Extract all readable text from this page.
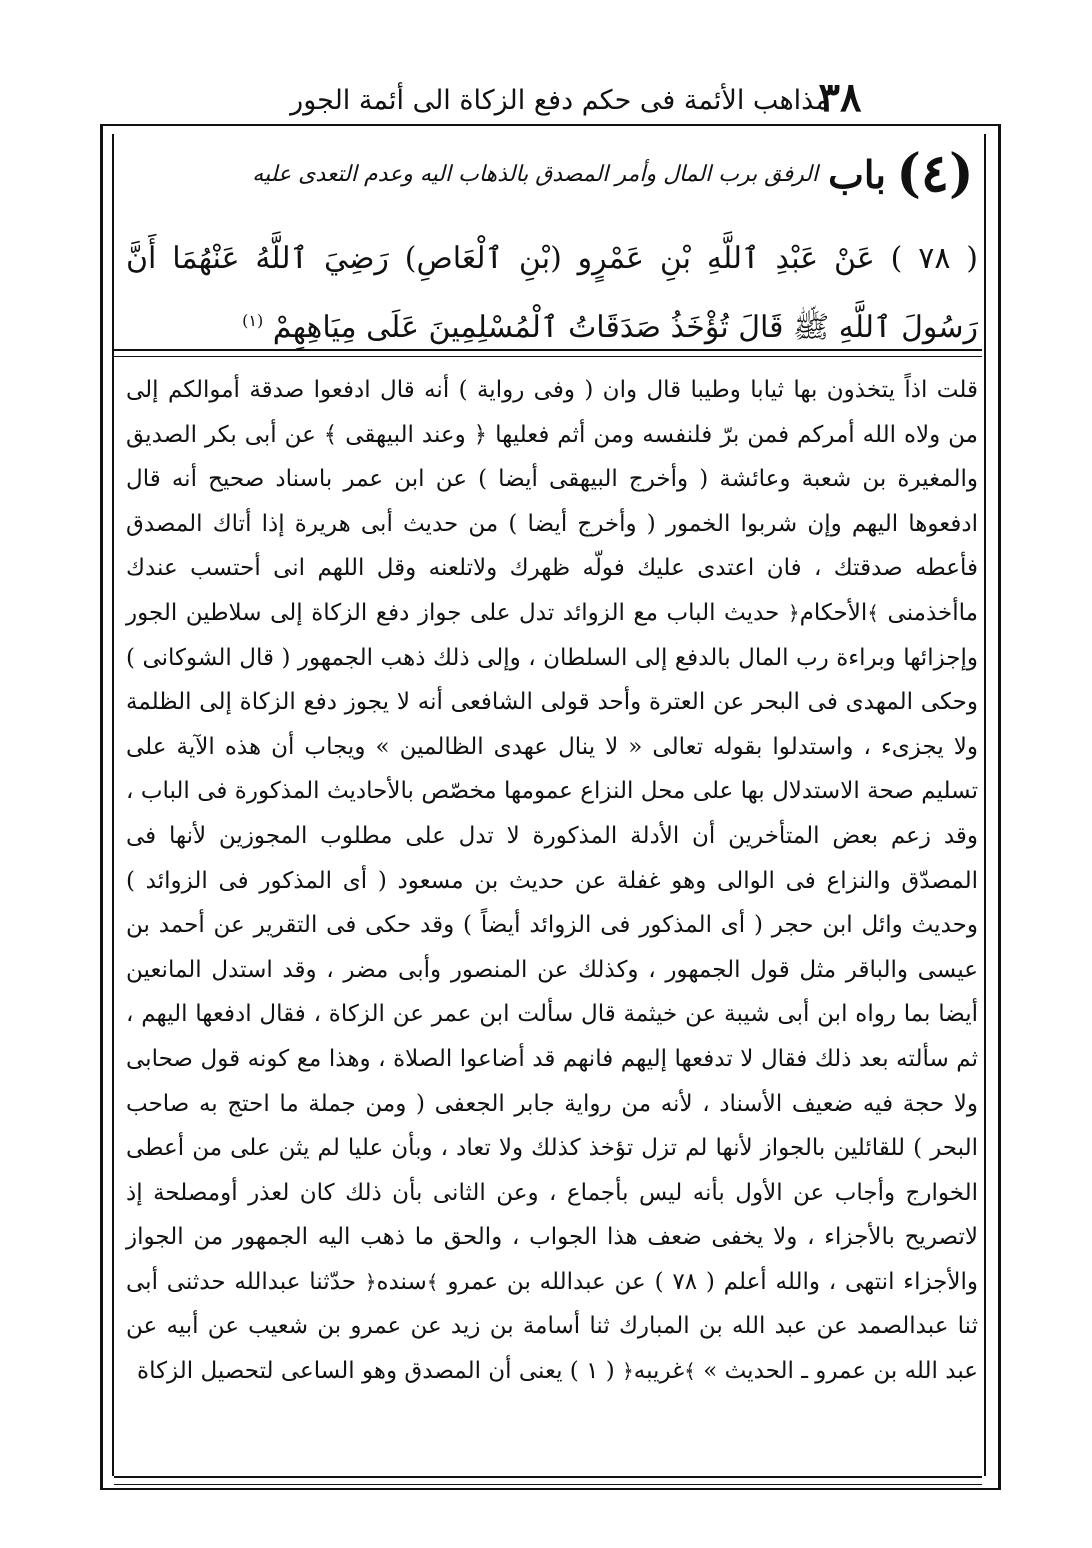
٣٨
مذاهب الأئمة فى حكم دفع الزكاة الى أئمة الجور
(٤)بابالرفق برب المال وأمر المصدق بالذهاب اليه وعدم التعدى عليه
( ٧٨ ) عَنْ عَبْدِ ٱللَّهِ بْنِ عَمْرٍو (بْنِ ٱلْعَاصِ) رَضِيَ ٱللَّهُ عَنْهُمَا أَنَّ رَسُولَ ٱللَّهِ ﷺ قَالَ تُؤْخَذُ صَدَقَاتُ ٱلْمُسْلِمِينَ عَلَى مِيَاهِهِمْ $^{(١)}$
قلت اذاً يتخذون بها ثيابا وطيبا قال وان ( وفى رواية ) أنه قال ادفعوا صدقة أموالكم إلى من ولاه الله أمركم فمن برّ فلنفسه ومن أثم فعليها ﴿ وعند البيهقى ﴾ عن أبى بكر الصديق والمغيرة بن شعبة وعائشة ( وأخرج البيهقى أيضا ) عن ابن عمر باسناد صحيح أنه قال ادفعوها اليهم وإن شربوا الخمور ( وأخرج أيضا ) من حديث أبى هريرة إذا أتاك المصدق فأعطه صدقتك ، فان اعتدى عليك فولّه ظهرك ولاتلعنه وقل اللهم انى أحتسب عندك ماأخذمنى ﴾الأحكام﴿ حديث الباب مع الزوائد تدل على جواز دفع الزكاة إلى سلاطين الجور وإجزائها وبراءة رب المال بالدفع إلى السلطان ، وإلى ذلك ذهب الجمهور ( قال الشوكانى ) وحكى المهدى فى البحر عن العترة وأحد قولى الشافعى أنه لا يجوز دفع الزكاة إلى الظلمة ولا يجزىء ، واستدلوا بقوله تعالى « لا ينال عهدى الظالمين » ويجاب أن هذه الآية على تسليم صحة الاستدلال بها على محل النزاع عمومها مخصّص بالأحاديث المذكورة فى الباب ، وقد زعم بعض المتأخرين أن الأدلة المذكورة لا تدل على مطلوب المجوزين لأنها فى المصدّق والنزاع فى الوالى وهو غفلة عن حديث بن مسعود ( أى المذكور فى الزوائد ) وحديث وائل ابن حجر ( أى المذكور فى الزوائد أيضاً ) وقد حكى فى التقرير عن أحمد بن عيسى والباقر مثل قول الجمهور ، وكذلك عن المنصور وأبى مضر ، وقد استدل المانعين أيضا بما رواه ابن أبى شيبة عن خيثمة قال سألت ابن عمر عن الزكاة ، فقال ادفعها اليهم ، ثم سألته بعد ذلك فقال لا تدفعها إليهم فانهم قد أضاعوا الصلاة ، وهذا مع كونه قول صحابى ولا حجة فيه ضعيف الأسناد ، لأنه من رواية جابر الجعفى ( ومن جملة ما احتج به صاحب البحر ) للقائلين بالجواز لأنها لم تزل تؤخذ كذلك ولا تعاد ، وبأن عليا لم يثن على من أعطى الخوارج وأجاب عن الأول بأنه ليس بأجماع ، وعن الثانى بأن ذلك كان لعذر أومصلحة إذ لاتصريح بالأجزاء ، ولا يخفى ضعف هذا الجواب ، والحق ما ذهب اليه الجمهور من الجواز والأجزاء انتهى ، والله أعلم ( ٧٨ ) عن عبدالله بن عمرو ﴾سنده﴿ حدّثنا عبدالله حدثنى أبى ثنا عبدالصمد عن عبد الله بن المبارك ثنا أسامة بن زيد عن عمرو بن شعيب عن أبيه عن عبد الله بن عمرو ـ الحديث » ﴾غريبه﴿ ( ١ ) يعنى أن المصدق وهو الساعى لتحصيل الزكاة
